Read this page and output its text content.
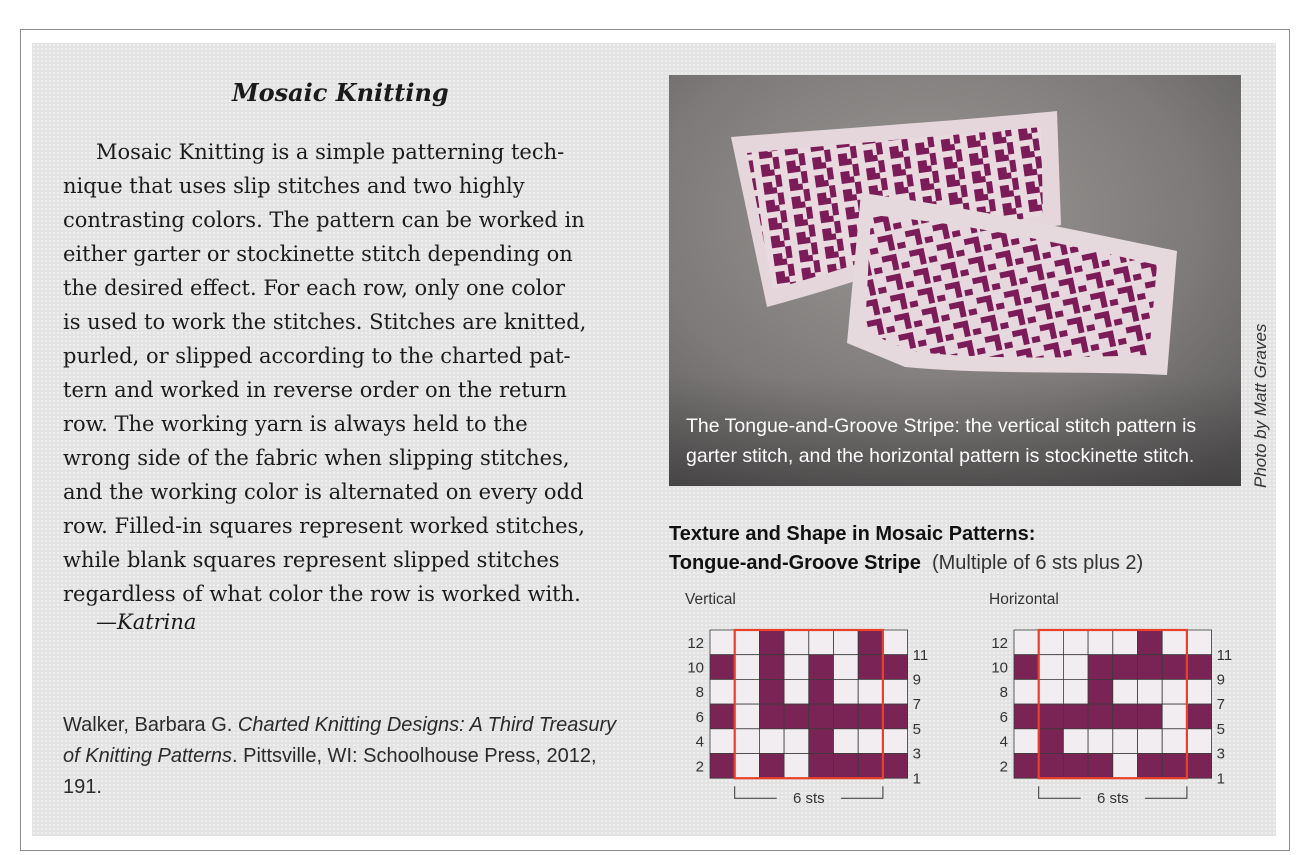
Mosaic Knitting
Mosaic Knitting is a simple patterning tech-
nique that uses slip stitches and two highly
contrasting colors. The pattern can be worked in
either garter or stockinette stitch depending on
the desired effect. For each row, only one color
is used to work the stitches. Stitches are knitted,
purled, or slipped according to the charted pat-
tern and worked in reverse order on the return
row. The working yarn is always held to the
wrong side of the fabric when slipping stitches,
and the working color is alternated on every odd
row. Filled-in squares represent worked stitches,
while blank squares represent slipped stitches
regardless of what color the row is worked with.
—Katrina
Walker, Barbara G. Charted Knitting Designs: A Third Treasury
of Knitting Patterns. Pittsville, WI: Schoolhouse Press, 2012,
191.
The Tongue-and-Groove Stripe: the vertical stitch pattern is
garter stitch, and the horizontal pattern is stockinette stitch.	Photo by Matt Graves
Texture and Shape in Mosaic Patterns:
Tongue-and-Groove Stripe (Multiple of 6 sts plus 2)
Vertical	Horizontal
12
10
8
6
4
2
11
9
7
5
3
1
6 sts
12
10
8
6
4
2
11
9
7
5
3
1
6 sts
